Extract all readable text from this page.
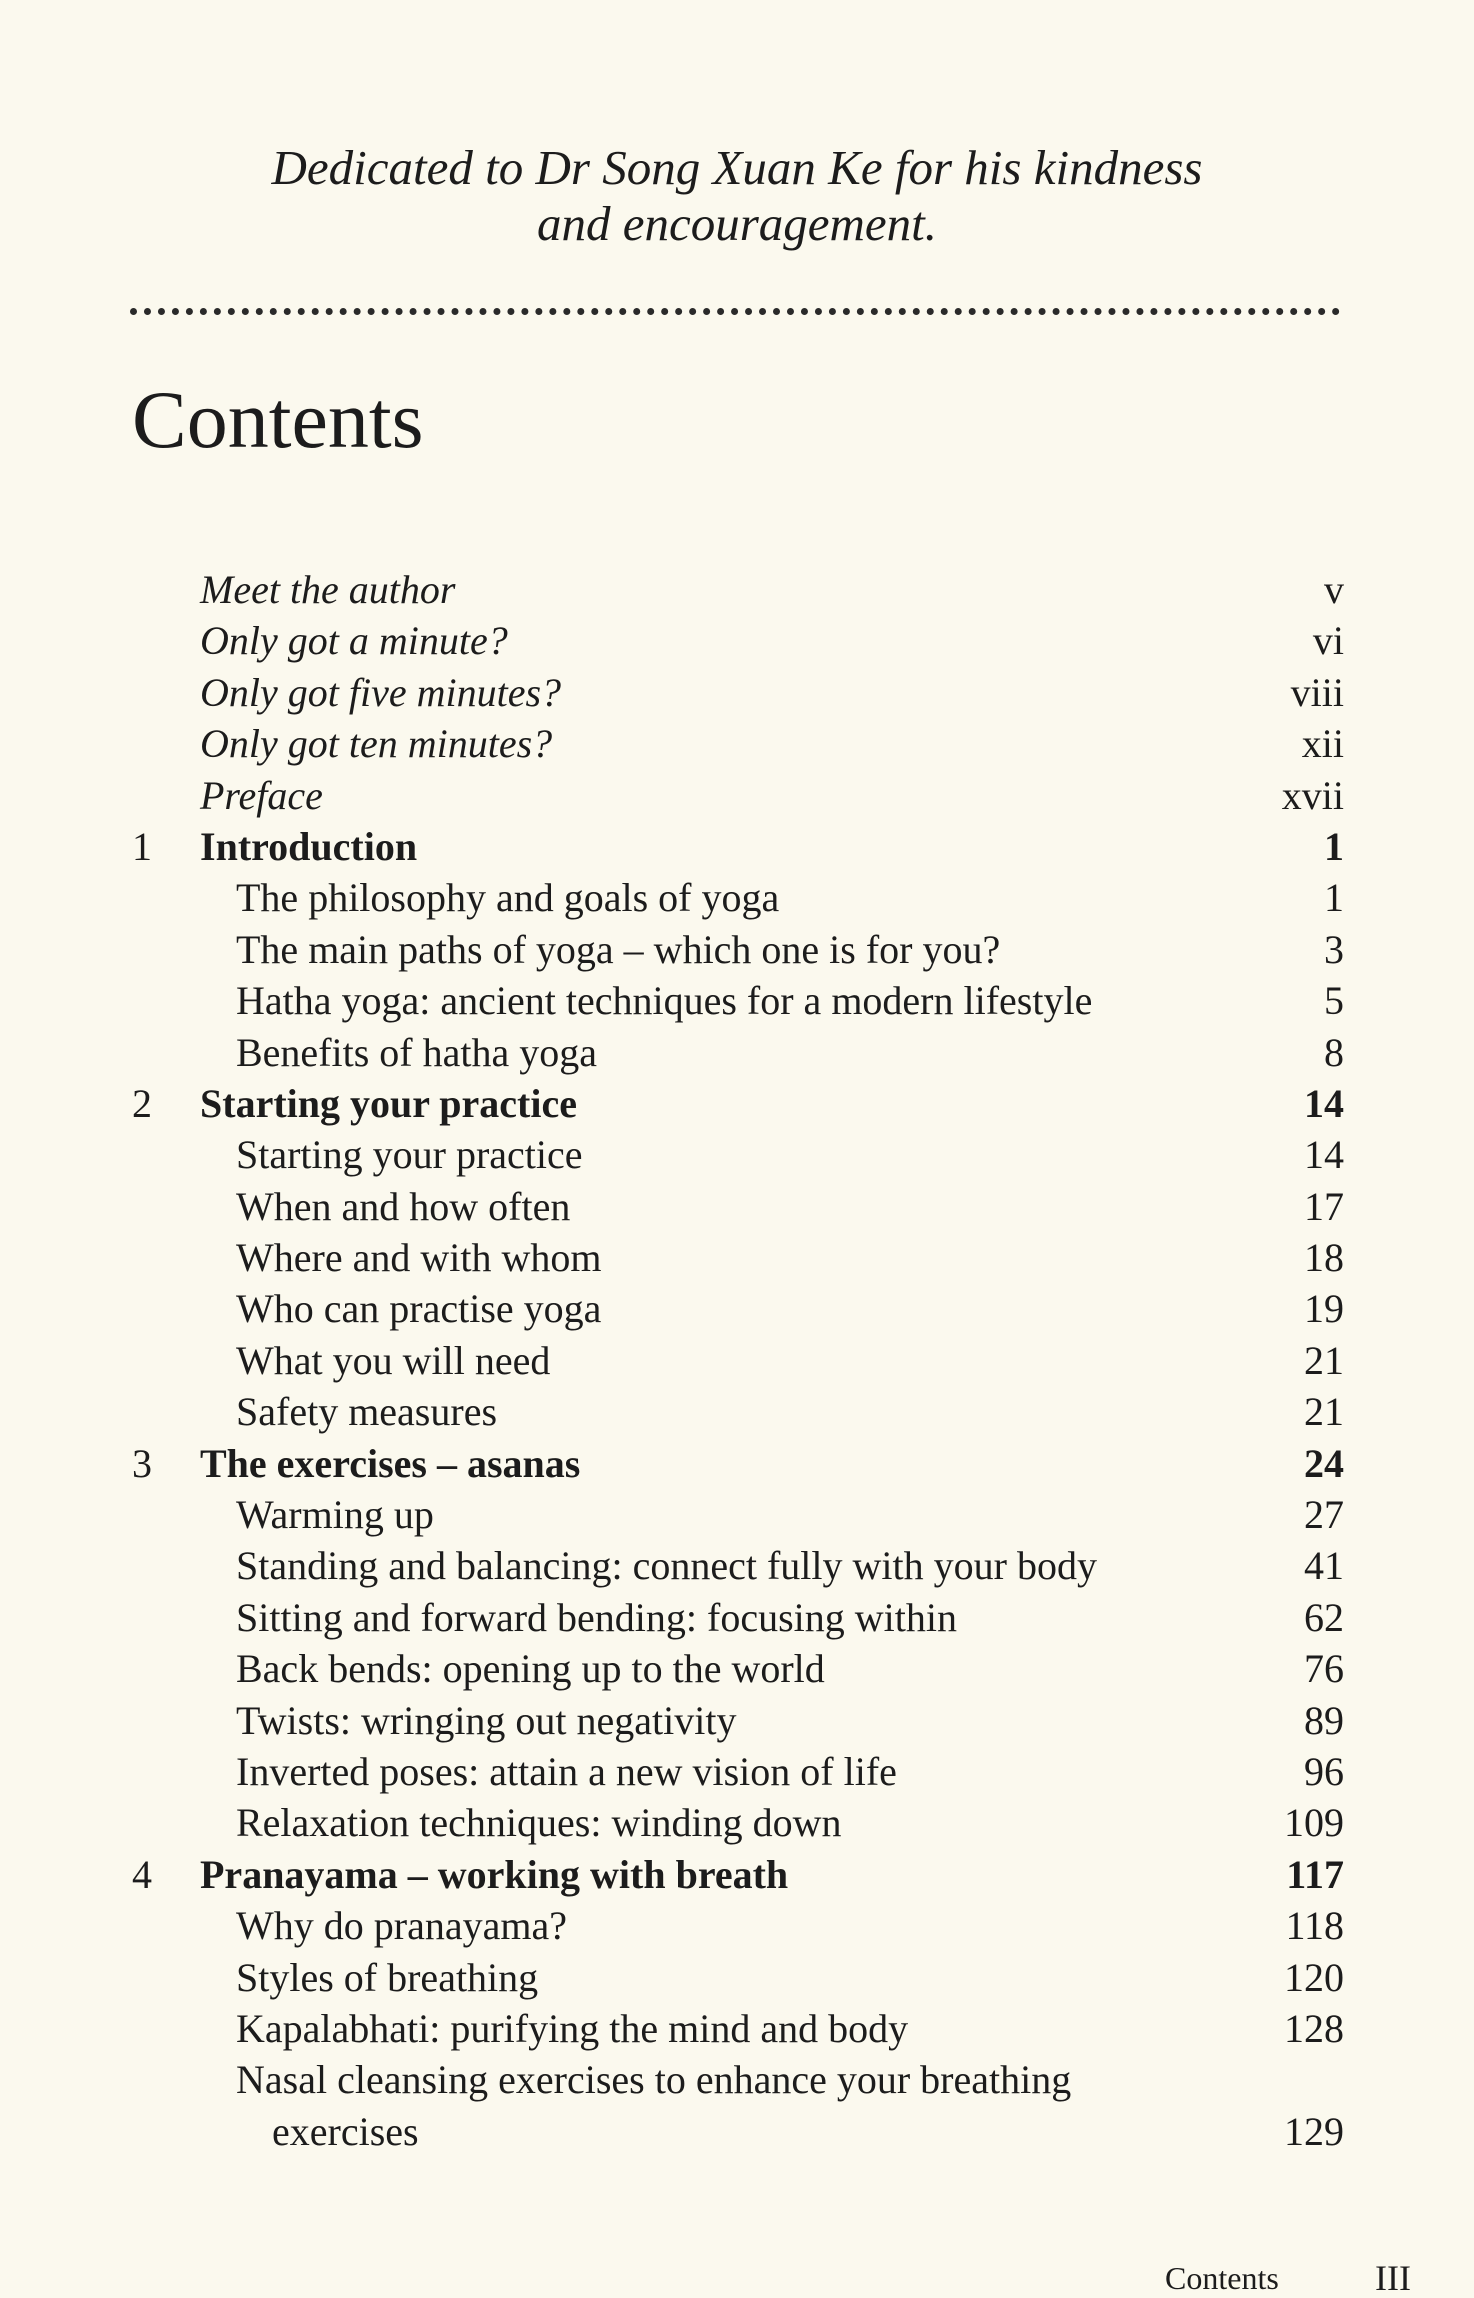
Dedicated to Dr Song Xuan Ke for his kindness
and encouragement.
Contents
Meet the author	v
Only got a minute?	vi
Only got five minutes?	viii
Only got ten minutes?	xii
Preface	xvii
1 Introduction	1
The philosophy and goals of yoga	1
The main paths of yoga – which one is for you?	3
Hatha yoga: ancient techniques for a modern lifestyle	5
Benefits of hatha yoga	8
2 Starting your practice	14
Starting your practice	14
When and how often	17
Where and with whom	18
Who can practise yoga	19
What you will need	21
Safety measures	21
3 The exercises – asanas	24
Warming up	27
Standing and balancing: connect fully with your body	41
Sitting and forward bending: focusing within	62
Back bends: opening up to the world	76
Twists: wringing out negativity	89
Inverted poses: attain a new vision of life	96
Relaxation techniques: winding down	109
4 Pranayama – working with breath	117
Why do pranayama?	118
Styles of breathing	120
Kapalabhati: purifying the mind and body	128
Nasal cleansing exercises to enhance your breathing
exercises	129
Contents	III
